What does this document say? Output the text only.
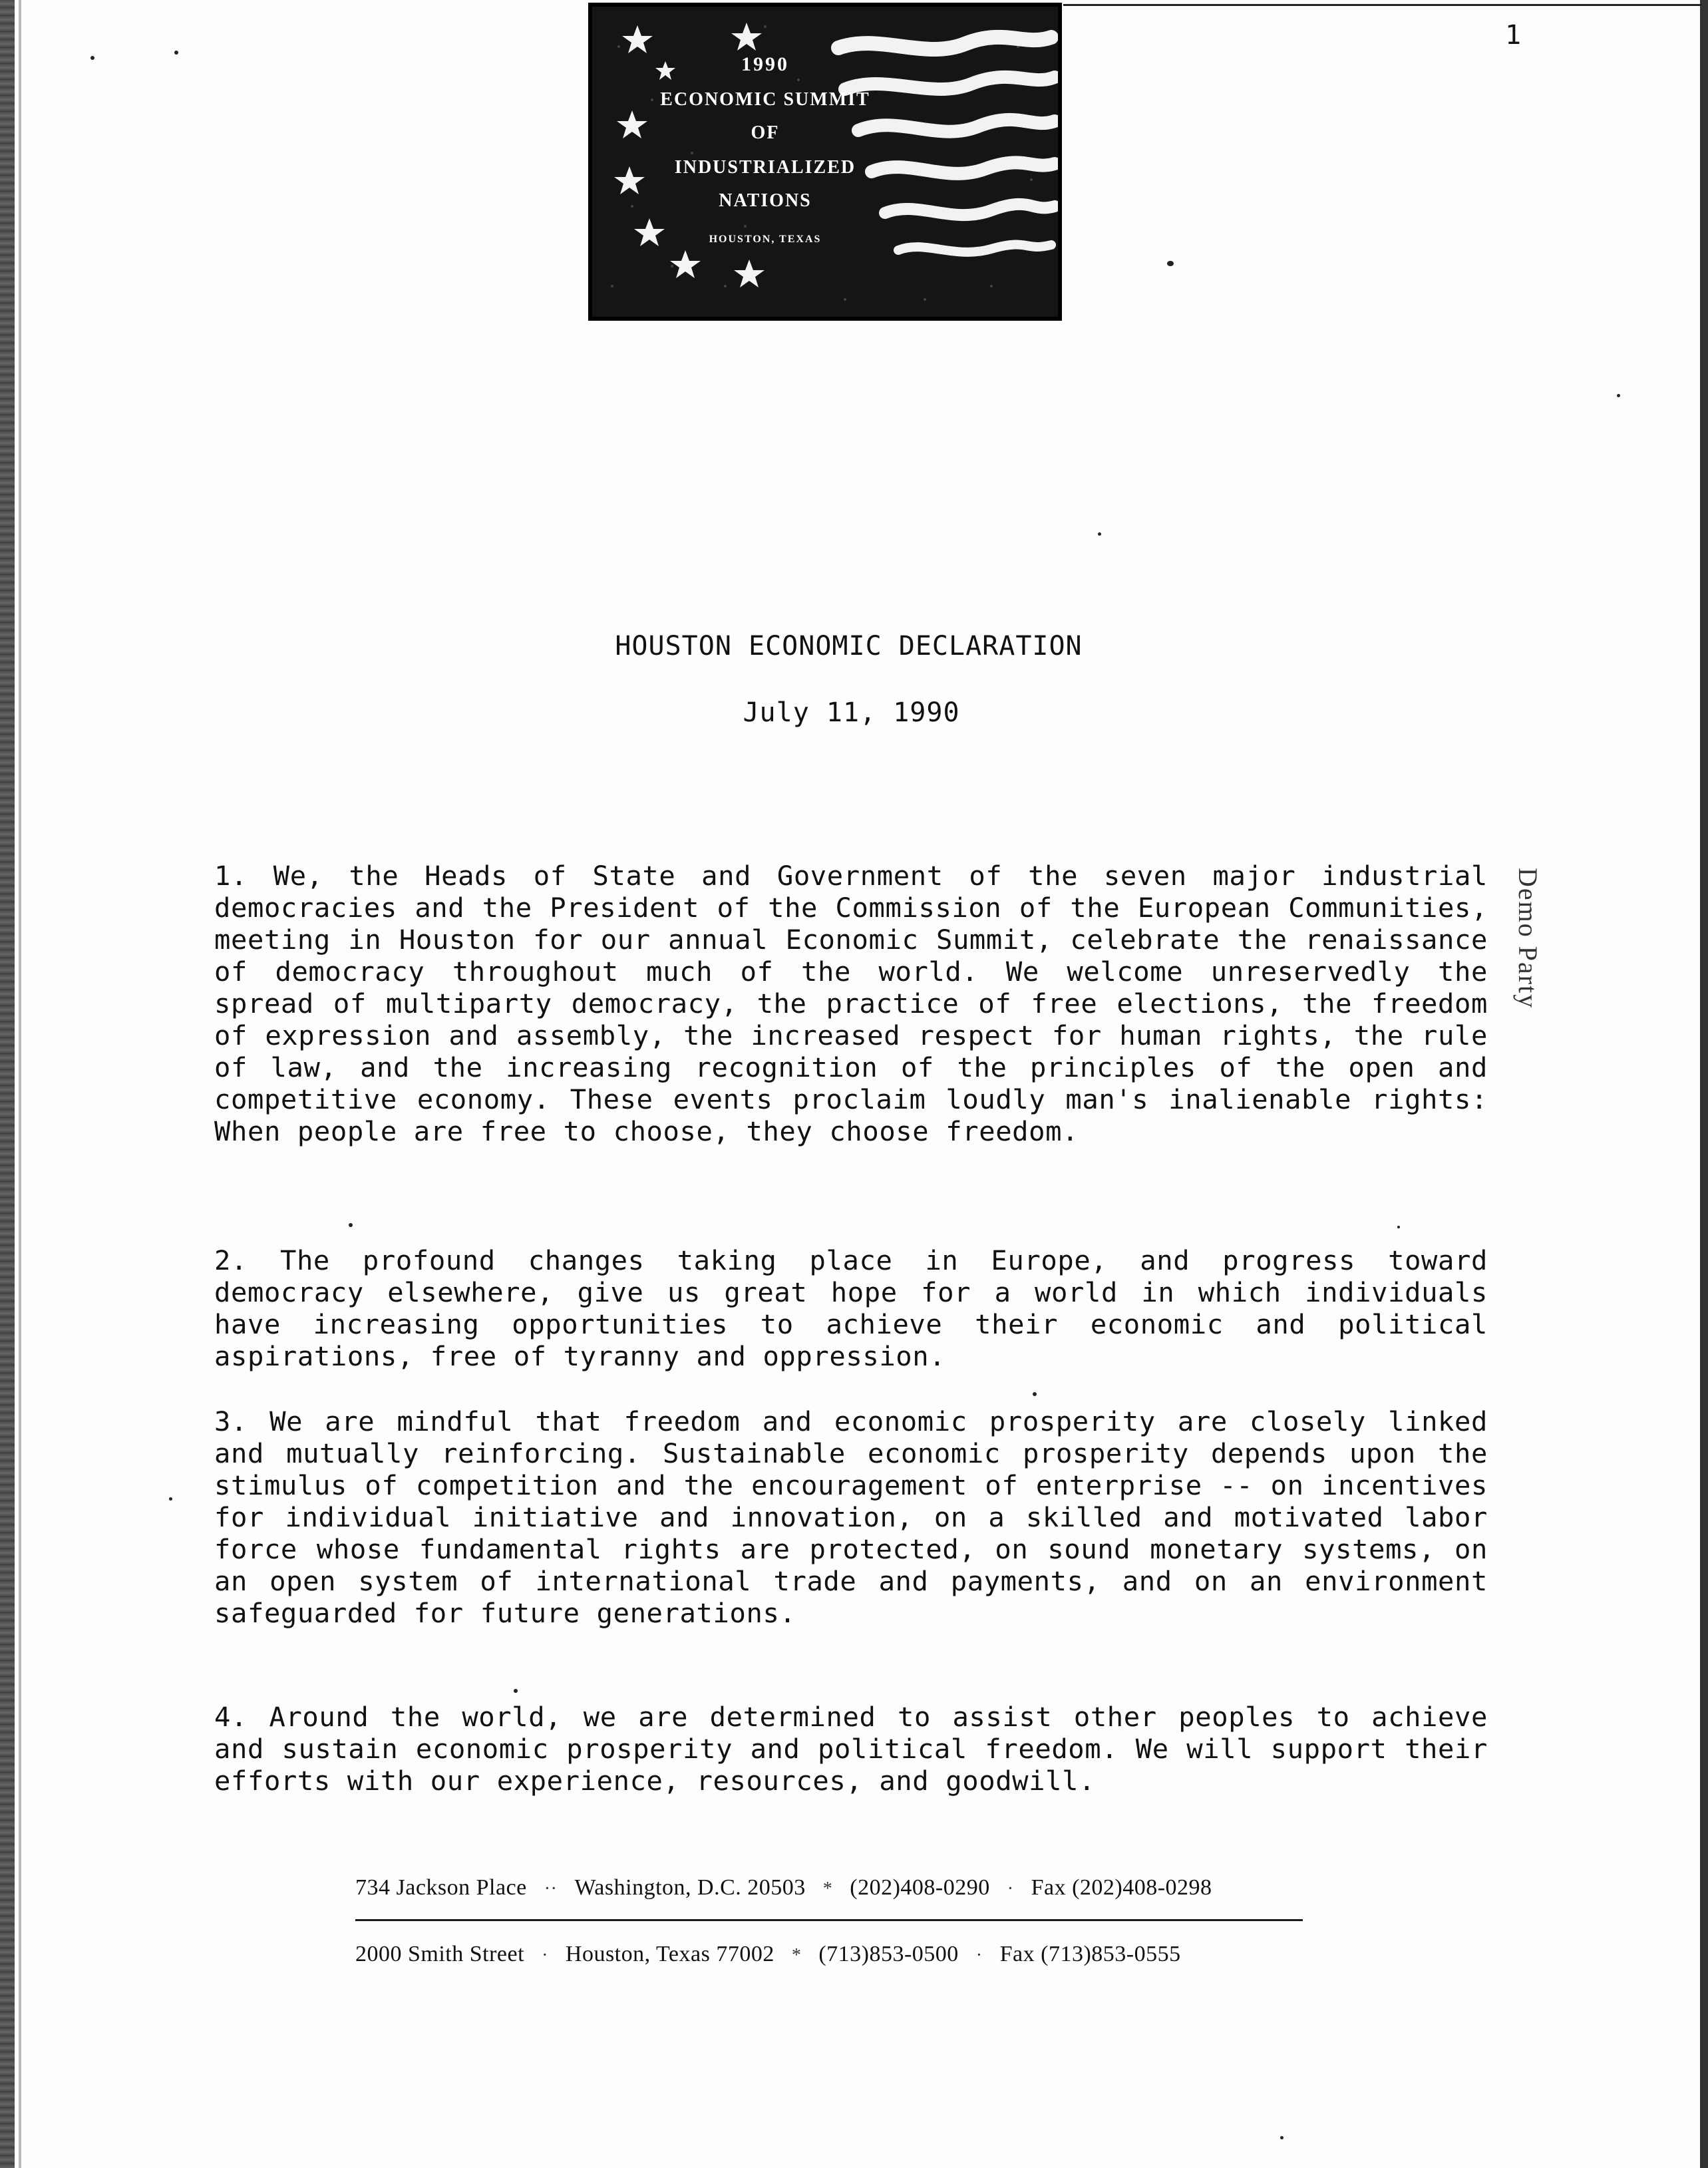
1990
ECONOMIC SUMMIT
OF
INDUSTRIALIZED
NATIONS
HOUSTON, TEXAS
1
HOUSTON ECONOMIC DECLARATION
July 11, 1990
1. We, the Heads of State and Government of the seven major industrial democracies and the President of the Commission of the European Communities, meeting in Houston for our annual Economic Summit, celebrate the renaissance of democracy throughout much of the world. We welcome unreservedly the spread of multiparty democracy, the practice of free elections, the freedom of expression and assembly, the increased respect for human rights, the rule of law, and the increasing recognition of the principles of the open and competitive economy. These events proclaim loudly man's inalienable rights: When people are free to choose, they choose freedom.
2. The profound changes taking place in Europe, and progress toward democracy elsewhere, give us great hope for a world in which individuals have increasing opportunities to achieve their economic and political aspirations, free of tyranny and oppression.
3. We are mindful that freedom and economic prosperity are closely linked and mutually reinforcing. Sustainable economic prosperity depends upon the stimulus of competition and the encouragement of enterprise -- on incentives for individual initiative and innovation, on a skilled and motivated labor force whose fundamental rights are protected, on sound monetary systems, on an open system of international trade and payments, and on an environment safeguarded for future generations.
4. Around the world, we are determined to assist other peoples to achieve and sustain economic prosperity and political freedom. We will support their efforts with our experience, resources, and goodwill.
Demo Party
734 Jackson Place ·· Washington, D.C. 20503 * (202)408-0290 · Fax (202)408-0298
2000 Smith Street · Houston, Texas 77002 * (713)853-0500 · Fax (713)853-0555
